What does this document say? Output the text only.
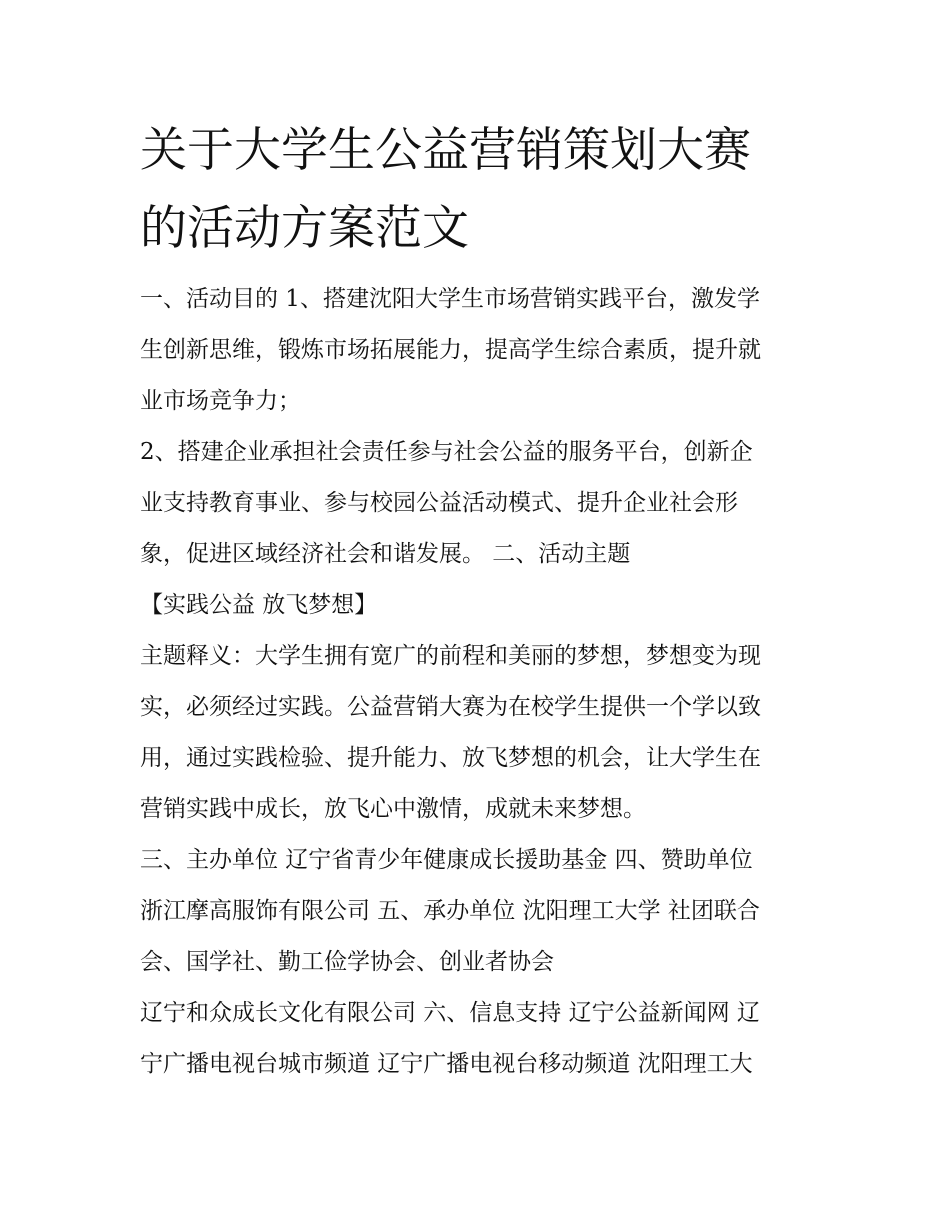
关于大学生公益营销策划大赛
的活动方案范文
一、活动目的 1、搭建沈阳大学生市场营销实践平台，激发学
生创新思维，锻炼市场拓展能力，提高学生综合素质，提升就
业市场竞争力；
2、搭建企业承担社会责任参与社会公益的服务平台，创新企
业支持教育事业、参与校园公益活动模式、提升企业社会形
象，促进区域经济社会和谐发展。 二、活动主题
【实践公益 放飞梦想】
主题释义：大学生拥有宽广的前程和美丽的梦想，梦想变为现
实，必须经过实践。公益营销大赛为在校学生提供一个学以致
用，通过实践检验、提升能力、放飞梦想的机会，让大学生在
营销实践中成长，放飞心中激情，成就未来梦想。
三、主办单位 辽宁省青少年健康成长援助基金 四、赞助单位
浙江摩高服饰有限公司 五、承办单位 沈阳理工大学 社团联合
会、国学社、勤工俭学协会、创业者协会
辽宁和众成长文化有限公司 六、信息支持 辽宁公益新闻网 辽
宁广播电视台城市频道 辽宁广播电视台移动频道 沈阳理工大
